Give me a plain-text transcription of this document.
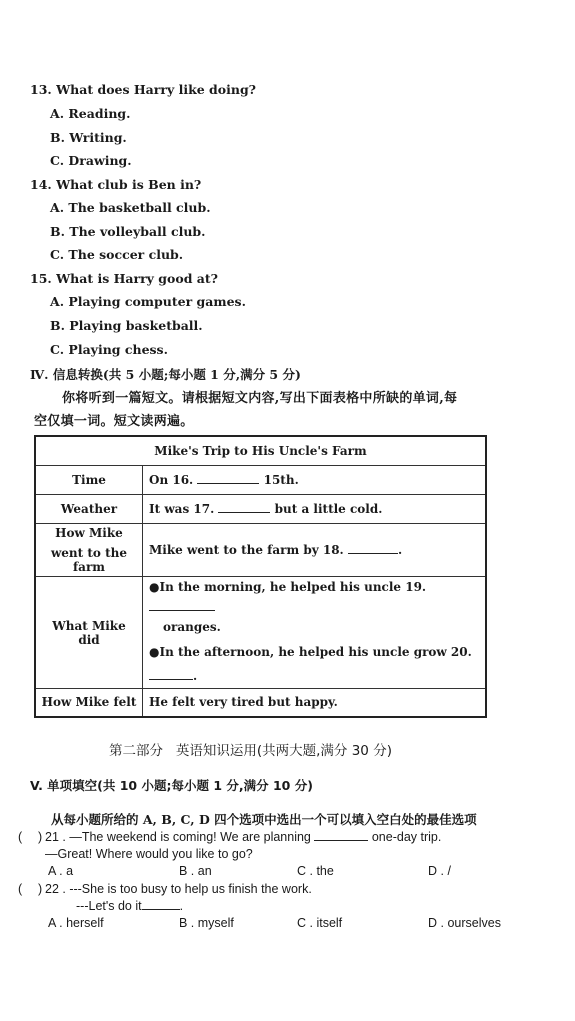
13. What does Harry like doing?
A. Reading.
B. Writing.
C. Drawing.
14. What club is Ben in?
A. The basketball club.
B. The volleyball club.
C. The soccer club.
15. What is Harry good at?
A. Playing computer games.
B. Playing basketball.
C. Playing chess.
Ⅳ. 信息转换(共 5 小题;每小题 1 分,满分 5 分)
你将听到一篇短文。请根据短文内容,写出下面表格中所缺的单词,每
空仅填一词。短文读两遍。
Mike's Trip to His Uncle's Farm	
Time	On 16. 15th.
Weather	It was 17. but a little cold.

How Mike
went to the farm	Mike went to the farm by 18. .
What Mike did	●In the morning, he helped his uncle 19.
oranges.
●In the afternoon, he helped his uncle grow 20. .

How Mike felt	He felt very tired but happy.
第二部分   英语知识运用(共两大题,满分 30 分)
V. 单项填空(共 10 小题;每小题 1 分,满分 10 分)
从每小题所给的 A, B, C, D 四个选项中选出一个可以填入空白处的最佳选项
( ) 21 . —The weekend is coming! We are planning	one-day trip.
—Great! Where would you like to go?
A . a	B . an	C . the	D . /
( ) 22 . ---She is too busy to help us finish the work.
---Let's do it	.
A . herself	B . myself	C . itself	D . ourselves
